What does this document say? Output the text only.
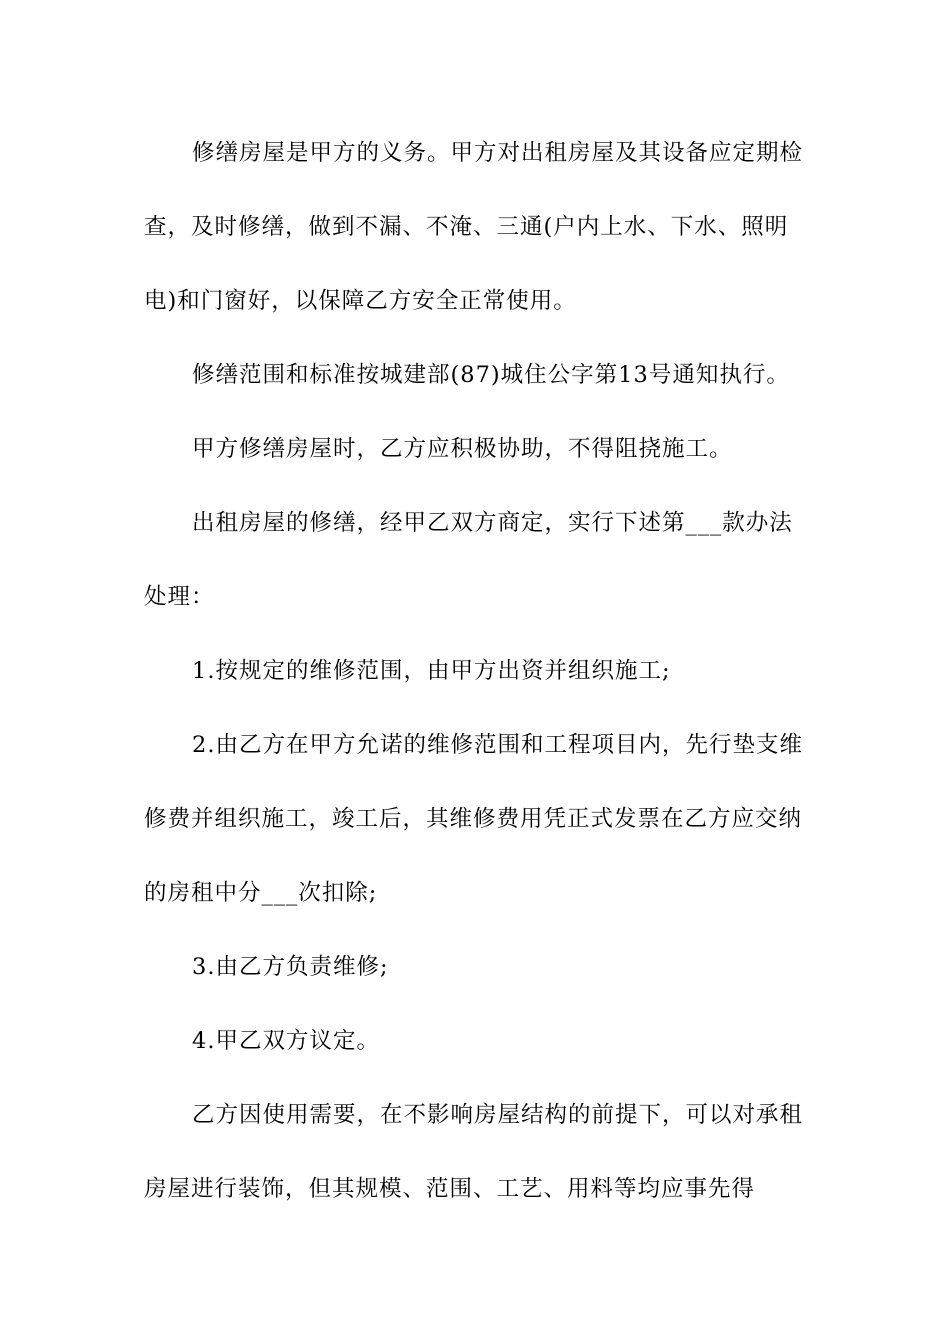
修缮房屋是甲方的义务。甲方对出租房屋及其设备应定期检查，及时修缮，做到不漏、不淹、三通(户内上水、下水、照明电)和门窗好，以保障乙方安全正常使用。

修缮范围和标准按城建部(87)城住公字第13号通知执行。

甲方修缮房屋时，乙方应积极协助，不得阻挠施工。

出租房屋的修缮，经甲乙双方商定，实行下述第___款办法处理：

1.按规定的维修范围，由甲方出资并组织施工;

2.由乙方在甲方允诺的维修范围和工程项目内，先行垫支维修费并组织施工，竣工后，其维修费用凭正式发票在乙方应交纳的房租中分___次扣除;

3.由乙方负责维修;

4.甲乙双方议定。

乙方因使用需要，在不影响房屋结构的前提下，可以对承租房屋进行装饰，但其规模、范围、工艺、用料等均应事先得
